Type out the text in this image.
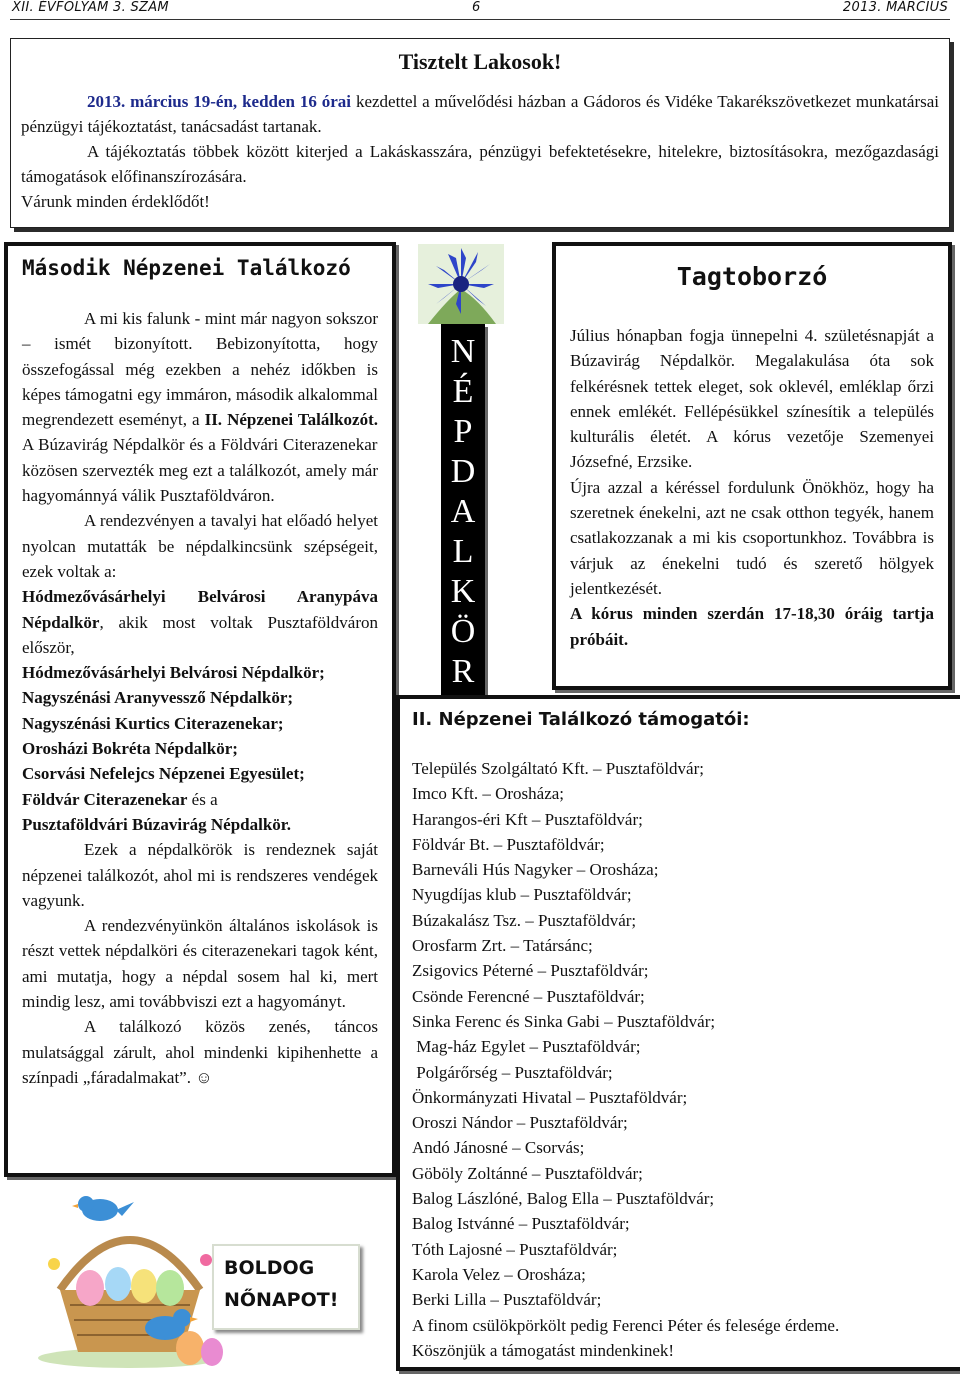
XII. ÉVFOLYAM 3. SZÁM	6	2013. MÁRCIUS
Tisztelt Lakosok!

2013. március 19-én, kedden 16 órai kezdettel a művelődési házban a Gádoros és Vidéke Takarékszövetkezet munkatársai pénzügyi tájékoztatást, tanácsadást tartanak.

A tájékoztatás többek között kiterjed a Lakáskasszára, pénzügyi befektetésekre, hitelekre, biztosításokra, mezőgazdasági támogatások előfinanszírozására.

Várunk minden érdeklődőt!

Második Népzenei Találkozó

A mi kis falunk - mint már nagyon sokszor – ismét bizonyított. Bebizonyította, hogy összefogással még ezekben a nehéz időkben is képes támogatni egy immáron, második alkalommal megrendezett eseményt, a II. Népzenei Találkozót. A Búzavirág Népdalkör és a Földvári Citerazenekar közösen szervezték meg ezt a találkozót, amely már hagyománnyá válik Pusztaföldváron.

A rendezvényen a tavalyi hat előadó helyet nyolcan mutatták be népdalkincsünk szépségeit, ezek voltak a:

Hódmezővásárhelyi Belvárosi Aranypáva Népdalkör, akik most voltak Pusztaföldváron először,

Hódmezővásárhelyi Belvárosi Népdalkör;

Nagyszénási Aranyvessző Népdalkör;

Nagyszénási Kurtics Citerazenekar;

Orosházi Bokréta Népdalkör;

Csorvási Nefelejcs Népzenei Egyesület;

Földvár Citerazenekar és a

Pusztaföldvári Búzavirág Népdalkör.

Ezek a népdalkörök is rendeznek saját népzenei találkozót, ahol mi is rendszeres vendégek vagyunk.

A rendezvényünkön általános iskolások is részt vettek népdalköri és citerazenekari tagok ként, ami mutatja, hogy a népdal sosem hal ki, mert mindig lesz, ami továbbviszi ezt a hagyományt.

A találkozó közös zenés, táncos mulatsággal zárult, ahol mindenki kipihenhette a színpadi „fáradalmakat”. ☺

N
É
P
D
A
L
K
Ö
R
Tagtoborzó

Július hónapban fogja ünnepelni 4. születésnapját a Búzavirág Népdalkör. Megalakulása óta sok felkérésnek tettek eleget, sok oklevél, emléklap őrzi ennek emlékét. Fellépésükkel színesítik a település kulturális életét. A kórus vezetője Szemenyei Józsefné, Erzsike.

Újra azzal a kéréssel fordulunk Önökhöz, hogy ha szeretnek énekelni, azt ne csak otthon tegyék, hanem csatlakozzanak a mi kis csoportunkhoz. Továbbra is várjuk az énekelni tudó és szerető hölgyek jelentkezését.

A kórus minden szerdán 17-18,30 óráig tartja próbáit.

II. Népzenei Találkozó támogatói:
Település Szolgáltató Kft. – Pusztaföldvár;
Imco Kft. – Orosháza;
Harangos-éri Kft – Pusztaföldvár;
Földvár Bt. – Pusztaföldvár;
Barneváli Hús Nagyker – Orosháza;
Nyugdíjas klub – Pusztaföldvár;
Búzakalász Tsz. – Pusztaföldvár;
Orosfarm Zrt. – Tatársánc;
Zsigovics Péterné – Pusztaföldvár;
Csönde Ferencné – Pusztaföldvár;
Sinka Ferenc és Sinka Gabi – Pusztaföldvár;
Mag-ház Egylet – Pusztaföldvár;
Polgárőrség – Pusztaföldvár;
Önkormányzati Hivatal – Pusztaföldvár;
Oroszi Nándor – Pusztaföldvár;
Andó Jánosné – Csorvás;
Göböly Zoltánné – Pusztaföldvár;
Balog Lászlóné, Balog Ella – Pusztaföldvár;
Balog Istvánné – Pusztaföldvár;
Tóth Lajosné – Pusztaföldvár;
Karola Velez – Orosháza;
Berki Lilla – Pusztaföldvár;
A finom csülökpörkölt pedig Ferenci Péter és felesége érdeme.
Köszönjük a támogatást mindenkinek!
BOLDOG
NŐNAPOT!
